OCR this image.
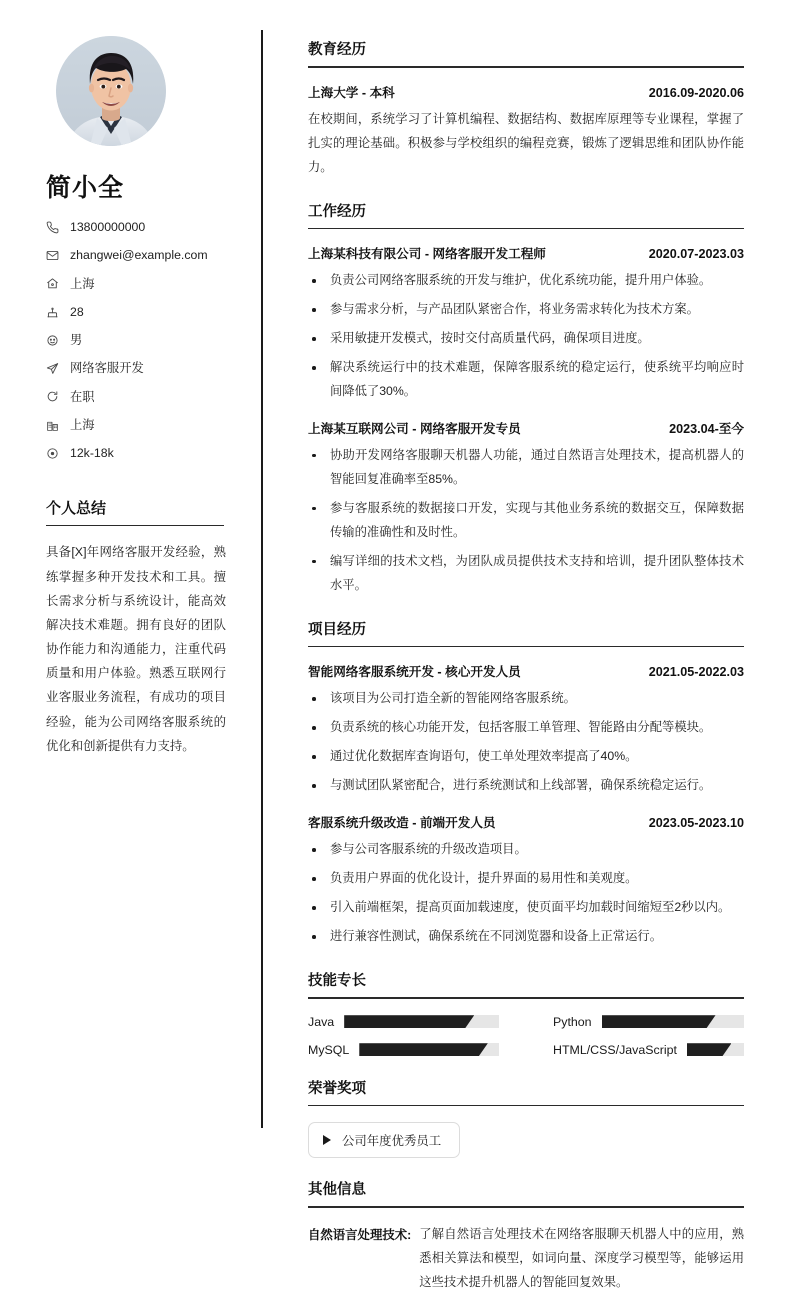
简小全
13800000000
zhangwei@example.com
上海
28
男
网络客服开发
在职
上海
12k-18k
个人总结

具备[X]年网络客服开发经验，熟练掌握多种开发技术和工具。擅长需求分析与系统设计，能高效解决技术难题。拥有良好的团队协作能力和沟通能力，注重代码质量和用户体验。熟悉互联网行业客服业务流程，有成功的项目经验，能为公司网络客服系统的优化和创新提供有力支持。

教育经历
上海大学 - 本科	2016.09-2020.06

在校期间，系统学习了计算机编程、数据结构、数据库原理等专业课程，掌握了扎实的理论基础。积极参与学校组织的编程竞赛，锻炼了逻辑思维和团队协作能力。

工作经历
上海某科技有限公司 - 网络客服开发工程师	2020.07-2023.03
负责公司网络客服系统的开发与维护，优化系统功能，提升用户体验。
参与需求分析，与产品团队紧密合作，将业务需求转化为技术方案。
采用敏捷开发模式，按时交付高质量代码，确保项目进度。
解决系统运行中的技术难题，保障客服系统的稳定运行，使系统平均响应时间降低了30%。
上海某互联网公司 - 网络客服开发专员	2023.04-至今
协助开发网络客服聊天机器人功能，通过自然语言处理技术，提高机器人的智能回复准确率至85%。
参与客服系统的数据接口开发，实现与其他业务系统的数据交互，保障数据传输的准确性和及时性。
编写详细的技术文档，为团队成员提供技术支持和培训，提升团队整体技术水平。
项目经历
智能网络客服系统开发 - 核心开发人员	2021.05-2022.03
该项目为公司打造全新的智能网络客服系统。
负责系统的核心功能开发，包括客服工单管理、智能路由分配等模块。
通过优化数据库查询语句，使工单处理效率提高了40%。
与测试团队紧密配合，进行系统测试和上线部署，确保系统稳定运行。
客服系统升级改造 - 前端开发人员	2023.05-2023.10
参与公司客服系统的升级改造项目。
负责用户界面的优化设计，提升界面的易用性和美观度。
引入前端框架，提高页面加载速度，使页面平均加载时间缩短至2秒以内。
进行兼容性测试，确保系统在不同浏览器和设备上正常运行。
技能专长
Java	Python
MySQL	HTML/CSS/JavaScript
荣誉奖项
公司年度优秀员工
其他信息
自然语言处理技术: 了解自然语言处理技术在网络客服聊天机器人中的应用，熟悉相关算法和模型，如词向量、深度学习模型等，能够运用这些技术提升机器人的智能回复效果。
